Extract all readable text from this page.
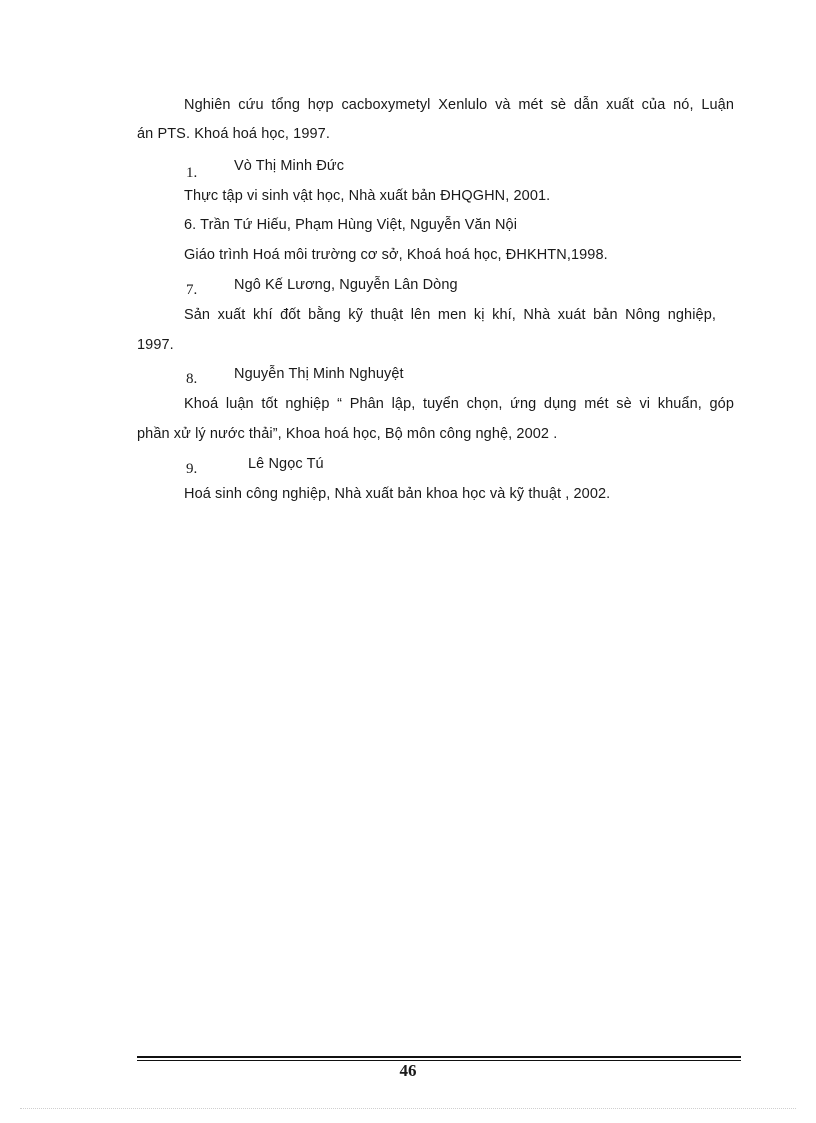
Nghiên cứu tổng hợp cacboxymetyl Xenlulo và mét sè dẫn xuất của nó, Luận
án PTS. Khoá hoá học, 1997.
1.	Vò Thị Minh Đức
Thực tập vi sinh vật học, Nhà xuất bản ĐHQGHN, 2001.
6. Trần Tứ Hiếu, Phạm Hùng Việt, Nguyễn Văn Nội
Giáo trình Hoá môi trường cơ sở, Khoá hoá học, ĐHKHTN,1998.
7.	Ngô Kế Lương, Nguyễn Lân Dòng
Sản xuất khí đốt bằng kỹ thuật lên men kị khí, Nhà xuát bản Nông nghiệp,
1997.
8.	Nguyễn Thị Minh Nghuyệt
Khoá luận tốt nghiệp “ Phân lập, tuyển chọn, ứng dụng mét sè vi khuẩn, góp
phần xử lý nước thải”, Khoa hoá học, Bộ môn công nghệ, 2002 .
9.	Lê Ngọc Tú
Hoá sinh công nghiệp, Nhà xuất bản khoa học và kỹ thuật , 2002.
46
